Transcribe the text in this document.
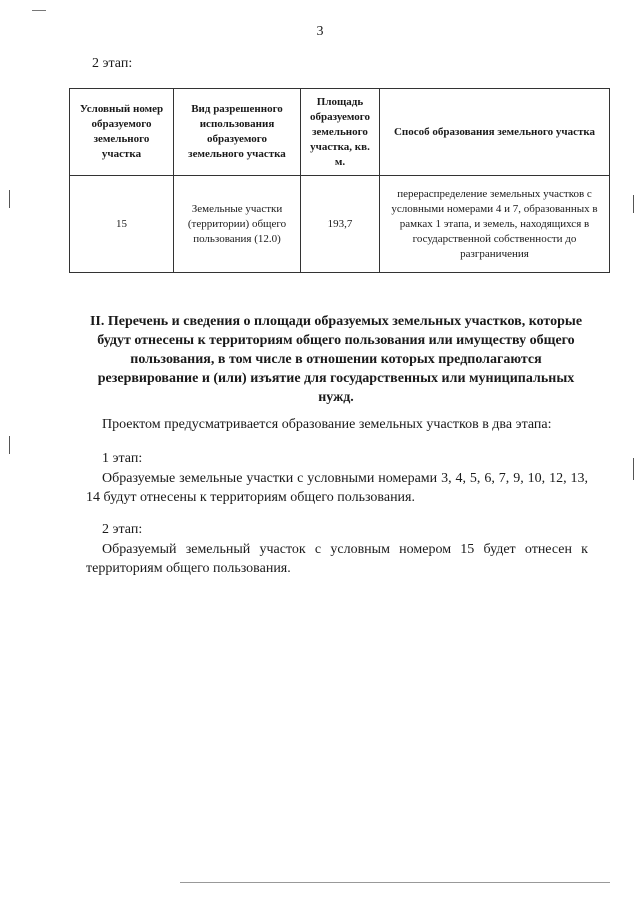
3
2 этап:
Условный номер образуемого земельного участка	Вид разрешенного использования образуемого земельного участка	Площадь образуемого земельного участка, кв. м.	Способ образования земельного участка
15	Земельные участки (территории) общего пользования (12.0)	193,7	перераспределение земельных участков с условными номерами 4 и 7, образованных в рамках 1 этапа, и земель, находящихся в государственной собственности до разграничения
II. Перечень и сведения о площади образуемых земельных участков, которые будут отнесены к территориям общего пользования или имуществу общего пользования, в том числе в отношении которых предполагаются резервирование и (или) изъятие для государственных или муниципальных нужд.
Проектом предусматривается образование земельных участков в два этапа:
1 этап:
Образуемые земельные участки с условными номерами 3, 4, 5, 6, 7, 9, 10, 12, 13, 14 будут отнесены к территориям общего пользования.
2 этап:
Образуемый земельный участок с условным номером 15 будет отнесен к территориям общего пользования.
